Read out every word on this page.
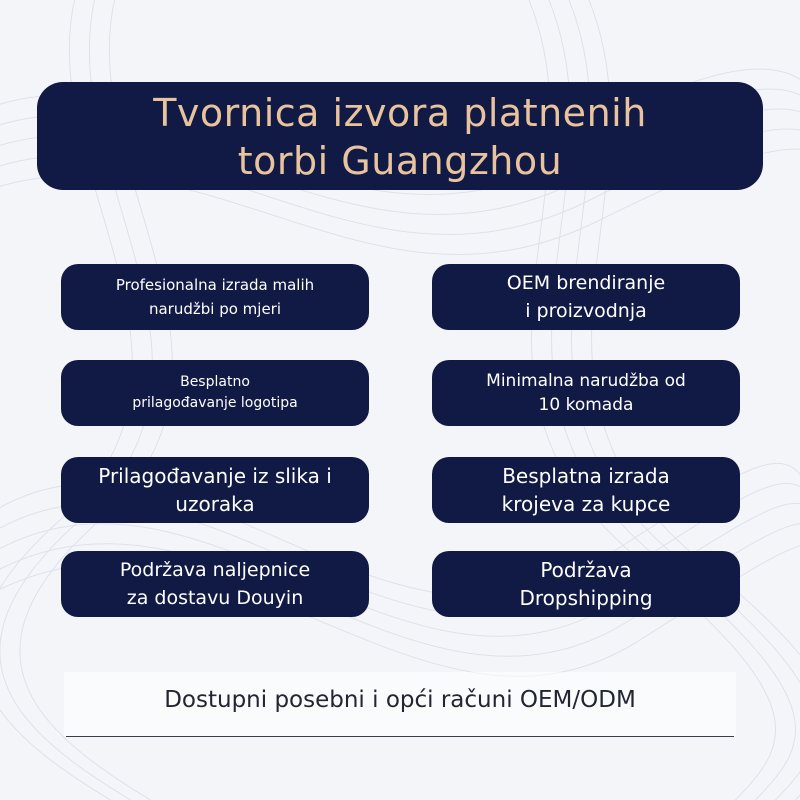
Tvornica izvora platnenih
torbi Guangzhou
Profesionalna izrada malih
narudžbi po mjeri
OEM brendiranje
i proizvodnja
Besplatno
prilagođavanje logotipa
Minimalna narudžba od
10 komada
Prilagođavanje iz slika i
uzoraka
Besplatna izrada
krojeva za kupce
Podržava naljepnice
za dostavu Douyin
Podržava
Dropshipping
Dostupni posebni i opći računi OEM/ODM
